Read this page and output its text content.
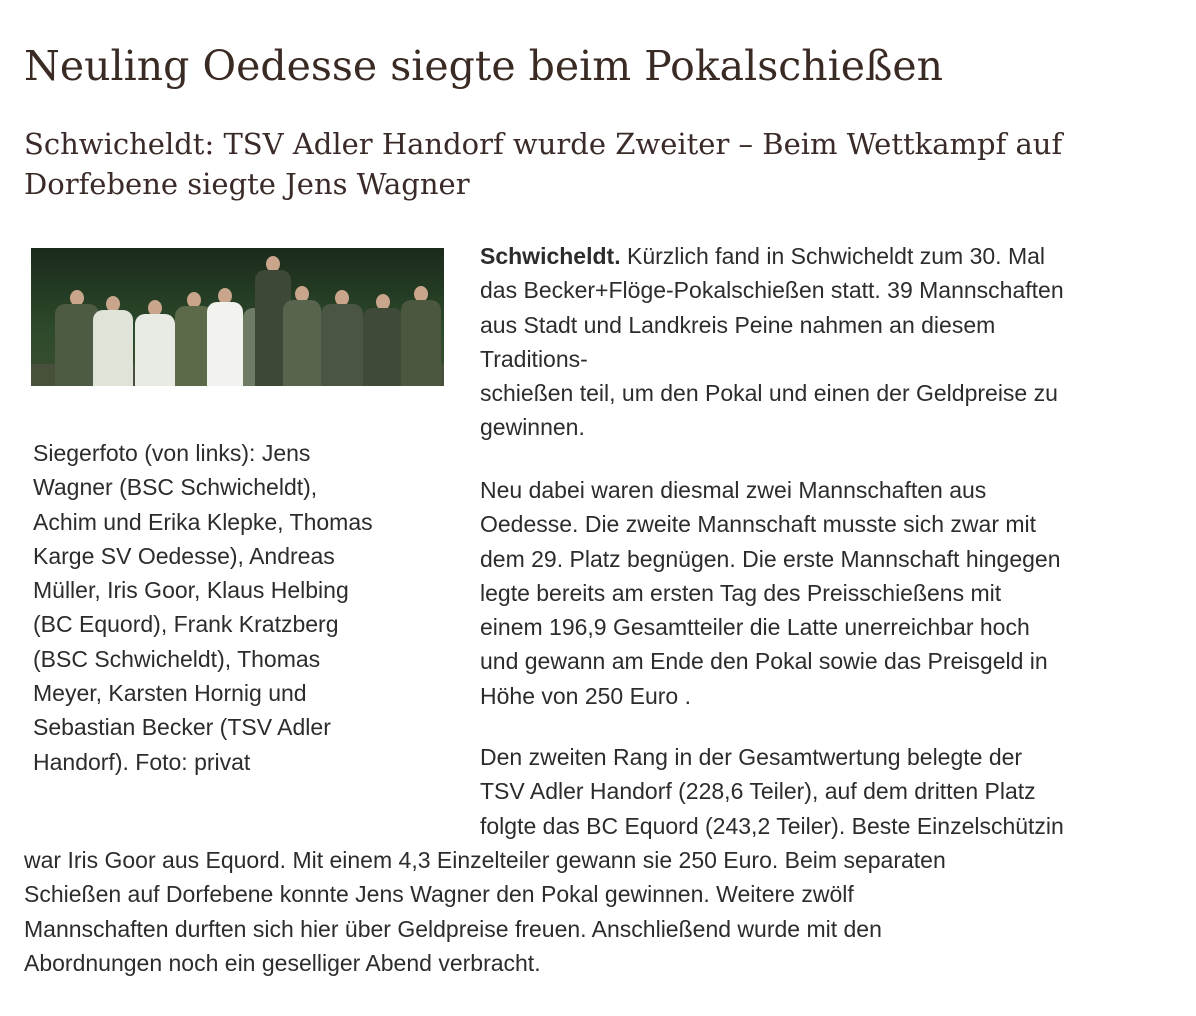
Neuling Oedesse siegte beim Pokalschießen
Schwicheldt: TSV Adler Handorf wurde Zweiter – Beim Wettkampf auf Dorfebene siegte Jens Wagner

Siegerfoto (von links): Jens
Wagner (BSC Schwicheldt),
Achim und Erika Klepke, Thomas
Karge SV Oedesse), Andreas
Müller, Iris Goor, Klaus Helbing
(BC Equord), Frank Kratzberg
(BSC Schwicheldt), Thomas
Meyer, Karsten Hornig und
Sebastian Becker (TSV Adler
Handorf). Foto: privat

Schwicheldt. Kürzlich fand in Schwicheldt zum 30. Mal
das Becker+Flöge-Pokalschießen statt. 39 Mannschaften
aus Stadt und Landkreis Peine nahmen an diesem
Traditions-
schießen teil, um den Pokal und einen der Geldpreise zu
gewinnen.

Neu dabei waren diesmal zwei Mannschaften aus
Oedesse. Die zweite Mannschaft musste sich zwar mit
dem 29. Platz begnügen. Die erste Mannschaft hingegen
legte bereits am ersten Tag des Preisschießens mit
einem 196,9 Gesamtteiler die Latte unerreichbar hoch
und gewann am Ende den Pokal sowie das Preisgeld in
Höhe von 250 Euro .

Den zweiten Rang in der Gesamtwertung belegte der
TSV Adler Handorf (228,6 Teiler), auf dem dritten Platz
folgte das BC Equord (243,2 Teiler). Beste Einzelschützin

war Iris Goor aus Equord. Mit einem 4,3 Einzelteiler gewann sie 250 Euro. Beim separaten
Schießen auf Dorfebene konnte Jens Wagner den Pokal gewinnen. Weitere zwölf
Mannschaften durften sich hier über Geldpreise freuen. Anschließend wurde mit den
Abordnungen noch ein geselliger Abend verbracht.
